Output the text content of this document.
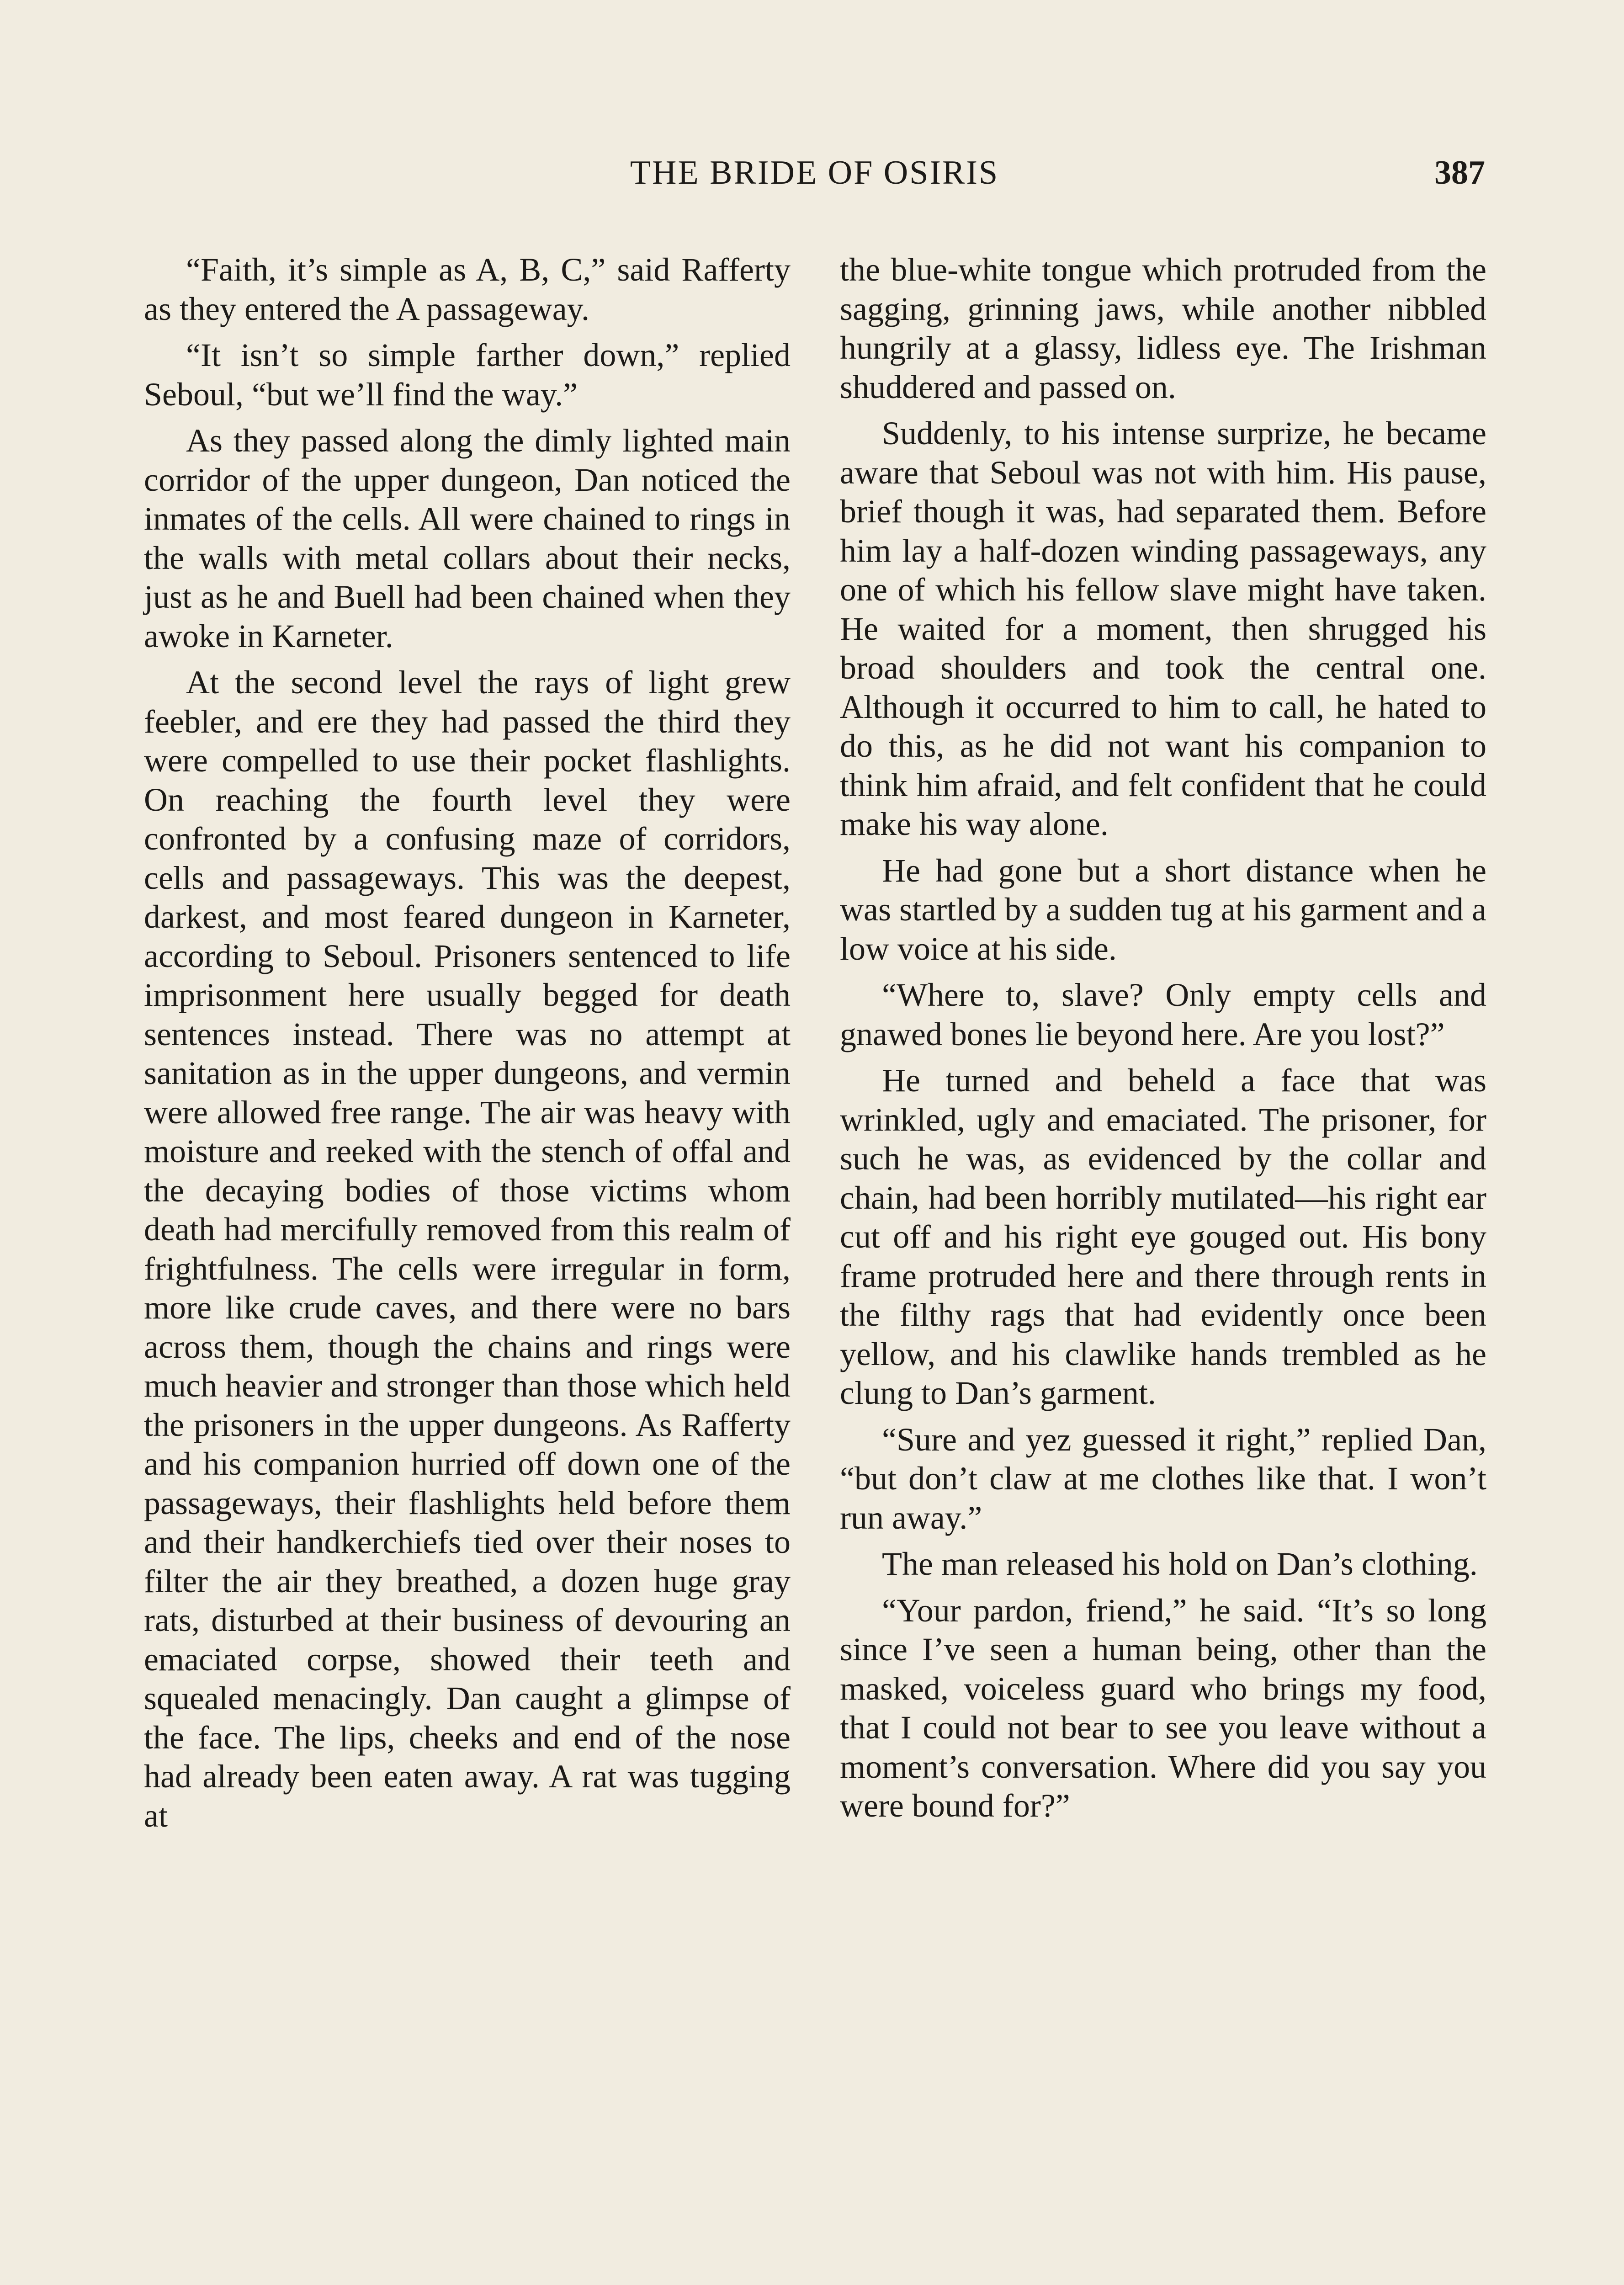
THE BRIDE OF OSIRIS	387

“Faith, it’s simple as A, B, C,” said Rafferty as they entered the A passageway.

“It isn’t so simple farther down,” replied Seboul, “but we’ll find the way.”

As they passed along the dimly lighted main corridor of the upper dungeon, Dan noticed the inmates of the cells. All were chained to rings in the walls with metal collars about their necks, just as he and Buell had been chained when they awoke in Karneter.

At the second level the rays of light grew feebler, and ere they had passed the third they were compelled to use their pocket flashlights. On reaching the fourth level they were confronted by a confusing maze of corridors, cells and passageways. This was the deepest, darkest, and most feared dungeon in Karneter, according to Seboul. Prisoners sentenced to life imprisonment here usually begged for death sentences instead. There was no attempt at sanitation as in the upper dungeons, and vermin were allowed free range. The air was heavy with moisture and reeked with the stench of offal and the decaying bodies of those victims whom death had mercifully removed from this realm of frightfulness. The cells were irregular in form, more like crude caves, and there were no bars across them, though the chains and rings were much heavier and stronger than those which held the prisoners in the upper dungeons. As Rafferty and his companion hurried off down one of the passageways, their flashlights held before them and their handkerchiefs tied over their noses to filter the air they breathed, a dozen huge gray rats, disturbed at their business of devouring an emaciated corpse, showed their teeth and squealed menacingly. Dan caught a glimpse of the face. The lips, cheeks and end of the nose had already been eaten away. A rat was tugging at

the blue-white tongue which protruded from the sagging, grinning jaws, while another nibbled hungrily at a glassy, lidless eye. The Irishman shuddered and passed on.

Suddenly, to his intense surprize, he became aware that Seboul was not with him. His pause, brief though it was, had separated them. Before him lay a half-dozen winding passageways, any one of which his fellow slave might have taken. He waited for a moment, then shrugged his broad shoulders and took the central one. Although it occurred to him to call, he hated to do this, as he did not want his companion to think him afraid, and felt confident that he could make his way alone.

He had gone but a short distance when he was startled by a sudden tug at his garment and a low voice at his side.

“Where to, slave? Only empty cells and gnawed bones lie beyond here. Are you lost?”

He turned and beheld a face that was wrinkled, ugly and emaciated. The prisoner, for such he was, as evidenced by the collar and chain, had been horribly mutilated—his right ear cut off and his right eye gouged out. His bony frame protruded here and there through rents in the filthy rags that had evidently once been yellow, and his clawlike hands trembled as he clung to Dan’s garment.

“Sure and yez guessed it right,” replied Dan, “but don’t claw at me clothes like that. I won’t run away.”

The man released his hold on Dan’s clothing.

“Your pardon, friend,” he said. “It’s so long since I’ve seen a human being, other than the masked, voiceless guard who brings my food, that I could not bear to see you leave without a moment’s conversation. Where did you say you were bound for?”
